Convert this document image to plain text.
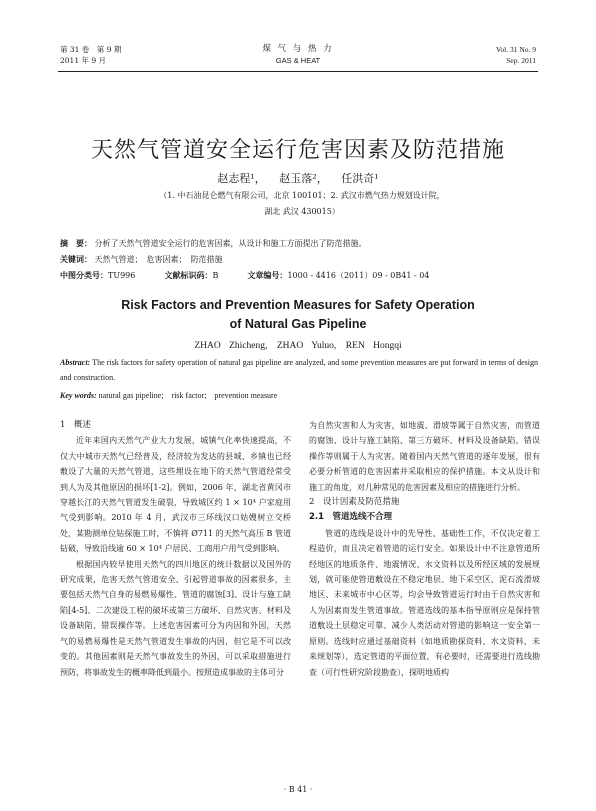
第 31 卷　第 9 期
2011 年 9 月
煤 气 与 热 力
GAS & HEAT
Vol. 31 No. 9
Sep. 2011
天然气管道安全运行危害因素及防范措施
赵志程¹， 赵玉落²， 任洪奇¹
（1. 中石油昆仑燃气有限公司，北京 100101；2. 武汉市燃气热力规划设计院，
湖北 武汉 430015）
摘　要： 分析了天然气管道安全运行的危害因素，从设计和施工方面提出了防范措施。
关键词： 天然气管道；　危害因素；　防范措施
中图分类号：TU996	文献标识码：B	文章编号：1000 - 4416（2011）09 - 0B41 - 04
Risk Factors and Prevention Measures for Safety Operation
of Natural Gas Pipeline
ZHAO Zhicheng,　ZHAO Yuluo,　REN Hongqi
Abstract: The risk factors for safety operation of natural gas pipeline are analyzed, and some prevention measures are put forward in terms of design and construction.
Key words: natural gas pipeline;　risk factor;　prevention measure
1　概述

近年来国内天然气产业大力发展，城镇气化率快速提高，不仅大中城市天然气已经普及，经济较为发达的县城、乡镇也已经敷设了大量的天然气管道，这些埋设在地下的天然气管道经常受到人为及其他原因的损坏[1-2]。例如，2006 年，湖北省黄冈市穿越长江的天然气管道发生破裂，导致城区约 1 × 10⁴ 户家庭用气受到影响。2010 年 4 月，武汉市三环线汉口姑嫂树立交桥处，某勘测单位钻探施工时，不慎将 Ø711 的天然气高压 B 管道钻破，导致沿线逾 60 × 10⁴ 户居民、工商用户用气受到影响。

根据国内较早使用天然气的四川地区的统计数据以及国外的研究成果，危害天然气管道安全、引起管道事故的因素很多，主要包括天然气自身的易燃易爆性、管道的腐蚀[3]、设计与施工缺陷[4-5]、二次建设工程的破坏或第三方破坏、自然灾害、材料及设备缺陷、错误操作等。上述危害因素可分为内因和外因，天然气的易燃易爆性是天然气管道发生事故的内因，但它是不可以改变的。其他因素则是天然气事故发生的外因，可以采取措施进行预防，将事故发生的概率降低到最小。按照造成事故的主体可分

为自然灾害和人为灾害，如地震、滑坡等属于自然灾害，而管道的腐蚀、设计与施工缺陷、第三方破坏、材料及设备缺陷、错误操作等则属于人为灾害。随着国内天然气管道的逐年发展，很有必要分析管道的危害因素并采取相应的保护措施。本文从设计和施工的角度，对几种常见的危害因素及相应的措施进行分析。

2　设计因素及防范措施
2.1　管道选线不合理

管道的选线是设计中的先导性、基础性工作，不仅决定着工程造价，而且决定着管道的运行安全。如果设计中不注意管道所经地区的地质条件、地震情况、水文资料以及所经区域的发展规划，就可能使管道敷设在不稳定地层、地下采空区、泥石流滑坡地区、未来城市中心区等，均会导致管道运行时由于自然灾害和人为因素而发生管道事故。管道选线的基本指导原则应是保持管道敷设土层稳定可靠、减少人类活动对管道的影响这一安全第一原则。选线时应通过基础资料（如地质勘探资料、水文资料、未来规划等），选定管道的平面位置，有必要时，还需要进行选线勘查（可行性研究阶段勘查），探明地质构

· B 41 ·
